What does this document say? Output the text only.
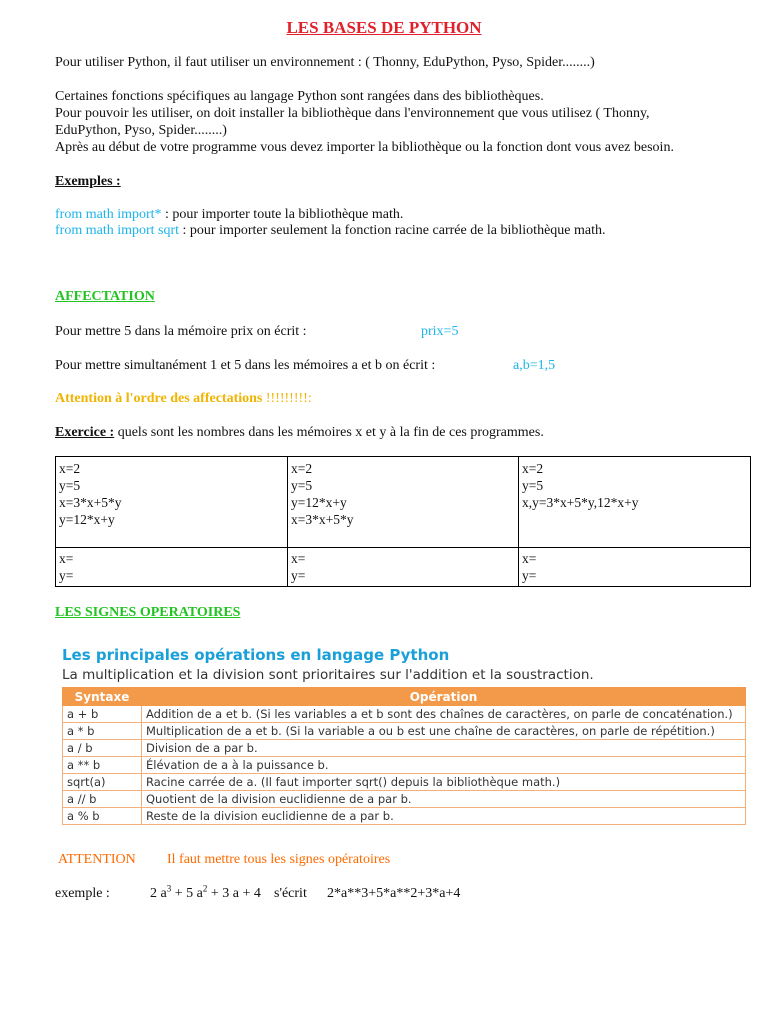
LES BASES DE PYTHON
Pour utiliser Python, il faut utiliser un environnement : ( Thonny, EduPython, Pyso, Spider........)
Certaines fonctions spécifiques au langage Python sont rangées dans des bibliothèques.
Pour pouvoir les utiliser, on doit installer la bibliothèque dans l'environnement que vous utilisez ( Thonny,
EduPython, Pyso, Spider........)
Après au début de votre programme vous devez importer la bibliothèque ou la fonction dont vous avez besoin.
Exemples :
from math import* : pour importer toute la bibliothèque math.
from math import sqrt : pour importer seulement la fonction racine carrée de la bibliothèque math.
AFFECTATION
Pour mettre 5 dans la mémoire prix on écrit :	prix=5
Pour mettre simultanément 1 et 5 dans les mémoires a et b on écrit :	a,b=1,5
Attention à l'ordre des affectations !!!!!!!!!:
Exercice : quels sont les nombres dans les mémoires x et y à la fin de ces programmes.
x=2
y=5
x=3*x+5*y
y=12*x+y
x=
y=
x=2
y=5
y=12*x+y
x=3*x+5*y
x=
y=
x=2
y=5
x,y=3*x+5*y,12*x+y
x=
y=
LES SIGNES OPERATOIRES
Les principales opérations en langage Python
La multiplication et la division sont prioritaires sur l'addition et la soustraction.
Syntaxe	Opération
a + b	Addition de a et b. (Si les variables a et b sont des chaînes de caractères, on parle de concaténation.)
a * b	Multiplication de a et b. (Si la variable a ou b est une chaîne de caractères, on parle de répétition.)
a / b	Division de a par b.
a ** b	Élévation de a à la puissance b.
sqrt(a)	Racine carrée de a. (Il faut importer sqrt() depuis la bibliothèque math.)
a // b	Quotient de la division euclidienne de a par b.
a % b	Reste de la division euclidienne de a par b.
ATTENTION Il faut mettre tous les signes opératoires
exemple :	2 $a^3 + 5$ $a^2 + 3$ a + 4 s'écrit 2*a**3+5*a**2+3*a+4
